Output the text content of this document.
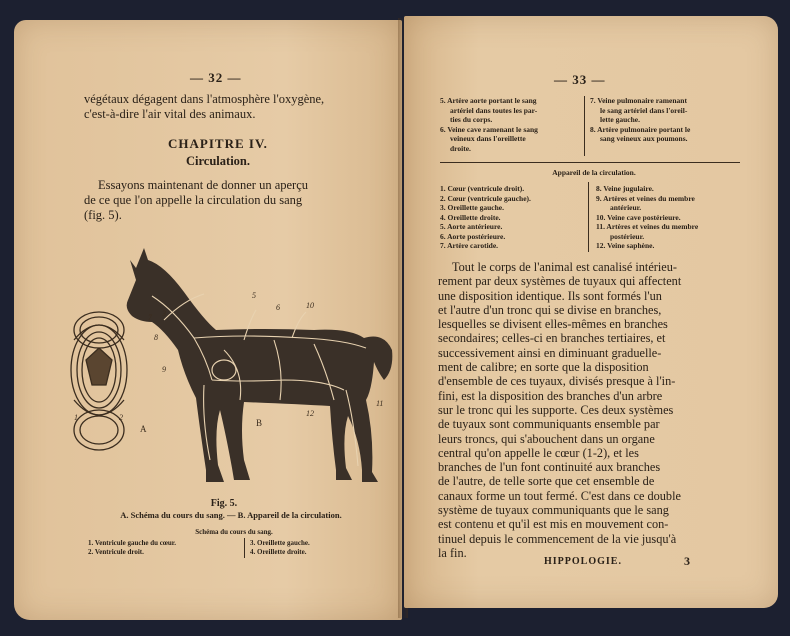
— 32 —
végétaux dégagent dans l'atmosphère l'oxygène,
c'est-à-dire l'air vital des animaux.
CHAPITRE IV.
Circulation.
Essayons maintenant de donner un aperçu
de ce que l'on appelle la circulation du sang
(fig. 5).
1	2
A
5
6	10
7 3
8
9
11
12
B
Fig. 5.
A. Schéma du cours du sang. — B. Appareil de la circulation.
Schéma du cours du sang.
1. Ventricule gauche du cœur.
2. Ventricule droit.
3. Oreillette gauche.
4. Oreillette droite.
— 33 —
5. Artère aorte portant le sang
artériel dans toutes les par-
ties du corps.
6. Veine cave ramenant le sang
veineux dans l'oreillette
droite.
7. Veine pulmonaire ramenant
le sang artériel dans l'oreil-
lette gauche.
8. Artère pulmonaire portant le
sang veineux aux poumons.
Appareil de la circulation.
1. Cœur (ventricule droit).
2. Cœur (ventricule gauche).
3. Oreillette gauche.
4. Oreillette droite.
5. Aorte antérieure.
6. Aorte postérieure.
7. Artère carotide.
8. Veine jugulaire.
9. Artères et veines du membre
antérieur.
10. Veine cave postérieure.
11. Artères et veines du membre
postérieur.
12. Veine saphène.
Tout le corps de l'animal est canalisé intérieu-
rement par deux systèmes de tuyaux qui affectent
une disposition identique. Ils sont formés l'un
et l'autre d'un tronc qui se divise en branches,
lesquelles se divisent elles-mêmes en branches
secondaires; celles-ci en branches tertiaires, et
successivement ainsi en diminuant graduelle-
ment de calibre; en sorte que la disposition
d'ensemble de ces tuyaux, divisés presque à l'in-
fini, est la disposition des branches d'un arbre
sur le tronc qui les supporte. Ces deux systèmes
de tuyaux sont communiquants ensemble par
leurs troncs, qui s'abouchent dans un organe
central qu'on appelle le cœur (1-2), et les
branches de l'un font continuité aux branches
de l'autre, de telle sorte que cet ensemble de
canaux forme un tout fermé. C'est dans ce double
système de tuyaux communiquants que le sang
est contenu et qu'il est mis en mouvement con-
tinuel depuis le commencement de la vie jusqu'à
la fin.
HIPPOLOGIE.	3
